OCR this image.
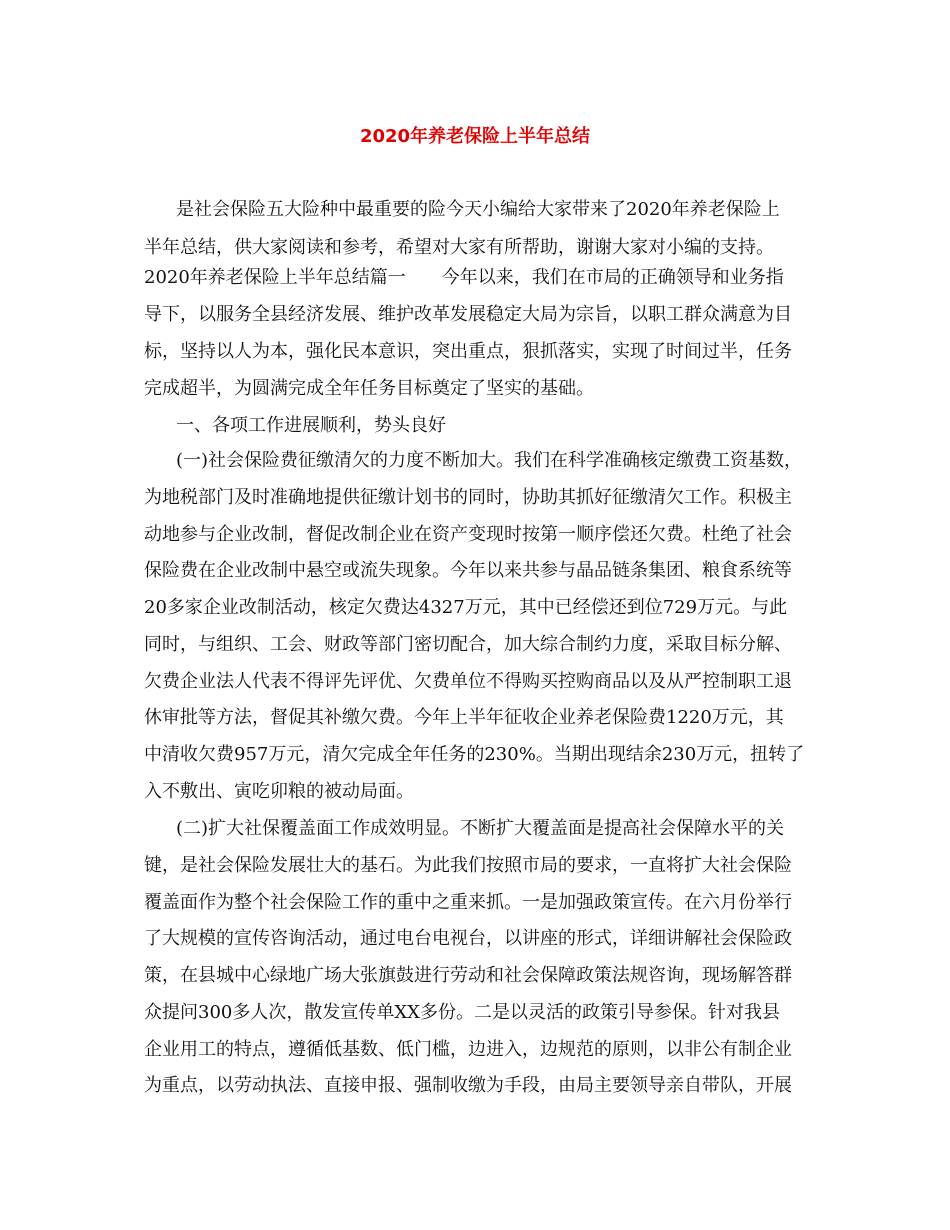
2020年养老保险上半年总结
是社会保险五大险种中最重要的险今天小编给大家带来了2020年养老保险上
半年总结，供大家阅读和参考，希望对大家有所帮助，谢谢大家对小编的支持。
2020年养老保险上半年总结篇一　　今年以来，我们在市局的正确领导和业务指
导下，以服务全县经济发展、维护改革发展稳定大局为宗旨，以职工群众满意为目
标，坚持以人为本，强化民本意识，突出重点，狠抓落实，实现了时间过半，任务
完成超半，为圆满完成全年任务目标奠定了坚实的基础。
一、各项工作进展顺利，势头良好
(一)社会保险费征缴清欠的力度不断加大。我们在科学准确核定缴费工资基数，
为地税部门及时准确地提供征缴计划书的同时，协助其抓好征缴清欠工作。积极主
动地参与企业改制，督促改制企业在资产变现时按第一顺序偿还欠费。杜绝了社会
保险费在企业改制中悬空或流失现象。今年以来共参与晶品链条集团、粮食系统等
20多家企业改制活动，核定欠费达4327万元，其中已经偿还到位729万元。与此
同时，与组织、工会、财政等部门密切配合，加大综合制约力度，采取目标分解、
欠费企业法人代表不得评先评优、欠费单位不得购买控购商品以及从严控制职工退
休审批等方法，督促其补缴欠费。今年上半年征收企业养老保险费1220万元，其
中清收欠费957万元，清欠完成全年任务的230%。当期出现结余230万元，扭转了
入不敷出、寅吃卯粮的被动局面。
(二)扩大社保覆盖面工作成效明显。不断扩大覆盖面是提高社会保障水平的关
键，是社会保险发展壮大的基石。为此我们按照市局的要求，一直将扩大社会保险
覆盖面作为整个社会保险工作的重中之重来抓。一是加强政策宣传。在六月份举行
了大规模的宣传咨询活动，通过电台电视台，以讲座的形式，详细讲解社会保险政
策，在县城中心绿地广场大张旗鼓进行劳动和社会保障政策法规咨询，现场解答群
众提问300多人次，散发宣传单XX多份。二是以灵活的政策引导参保。针对我县
企业用工的特点，遵循低基数、低门槛，边进入，边规范的原则，以非公有制企业
为重点，以劳动执法、直接申报、强制收缴为手段，由局主要领导亲自带队，开展
